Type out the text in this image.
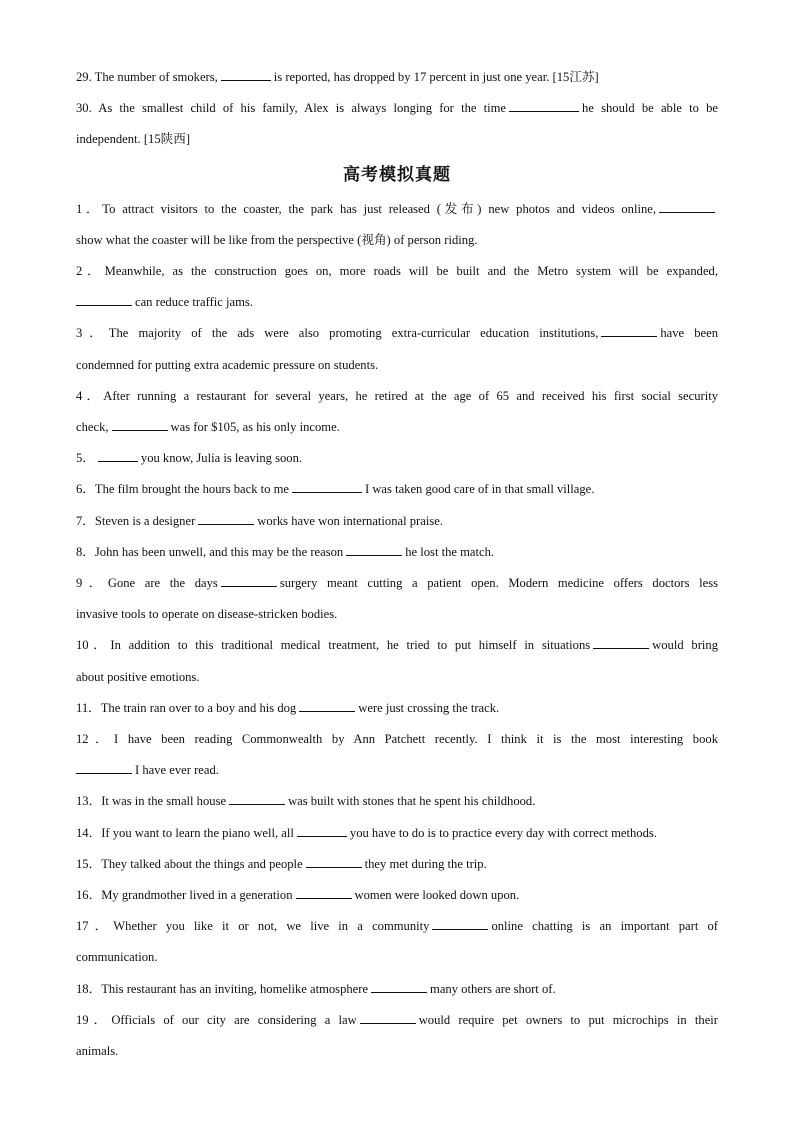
29. The number of smokers,	is reported, has dropped by 17 percent in just one year. [15江苏]
30. As the smallest child of his family, Alex is always longing for the time	he should be able to be
independent. [15陕西]
高考模拟真题
1．To attract visitors to the coaster, the park has just released (发布) new photos and videos online,
show what the coaster will be like from the perspective (视角) of person riding.
2．Meanwhile, as the construction goes on, more roads will be built and the Metro system will be expanded,
can reduce traffic jams.
3．The majority of the ads were also promoting extra-curricular education institutions,	have been
condemned for putting extra academic pressure on students.
4．After running a restaurant for several years, he retired at the age of 65 and received his first social security
check,	was for $105, as his only income.
5．	you know, Julia is leaving soon.
6．The film brought the hours back to me	I was taken good care of in that small village.
7．Steven is a designer	works have won international praise.
8．John has been unwell, and this may be the reason	he lost the match.
9．Gone are the days	surgery meant cutting a patient open. Modern medicine offers doctors less
invasive tools to operate on disease-stricken bodies.
10．In addition to this traditional medical treatment, he tried to put himself in situations	would bring
about positive emotions.
11．The train ran over to a boy and his dog	were just crossing the track.
12．I have been reading Commonwealth by Ann Patchett recently. I think it is the most interesting book
I have ever read.
13．It was in the small house	was built with stones that he spent his childhood.
14．If you want to learn the piano well, all	you have to do is to practice every day with correct methods.
15．They talked about the things and people	they met during the trip.
16．My grandmother lived in a generation	women were looked down upon.
17．Whether you like it or not, we live in a community	online chatting is an important part of
communication.
18．This restaurant has an inviting, homelike atmosphere	many others are short of.
19．Officials of our city are considering a law	would require pet owners to put microchips in their
animals.
